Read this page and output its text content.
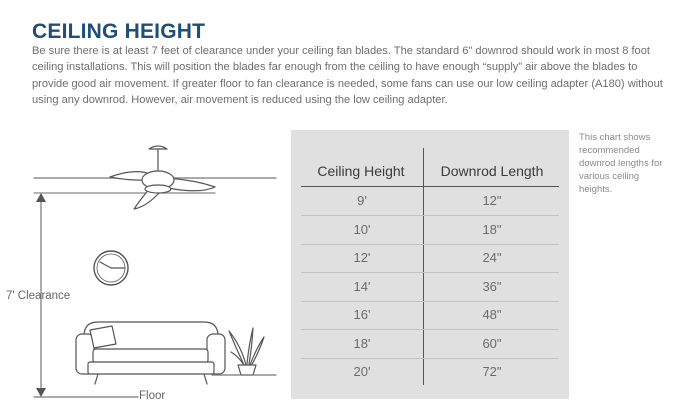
CEILING HEIGHT

Be sure there is at least 7 feet of clearance under your ceiling fan blades. The standard 6" downrod should work in most 8 foot ceiling installations. This will position the blades far enough from the ceiling to have enough “supply” air above the blades to provide good air movement. If greater floor to fan clearance is needed, some fans can use our low ceiling adapter (A180) without using any downrod. However, air movement is reduced using the low ceiling adapter.

7' Clearance
Floor
Ceiling Height	Downrod Length
9'	12"
10'	18"
12'	24"
14'	36"
16'	48"
18'	60"
20'	72"

This chart shows recommended downrod lengths for various ceiling heights.
